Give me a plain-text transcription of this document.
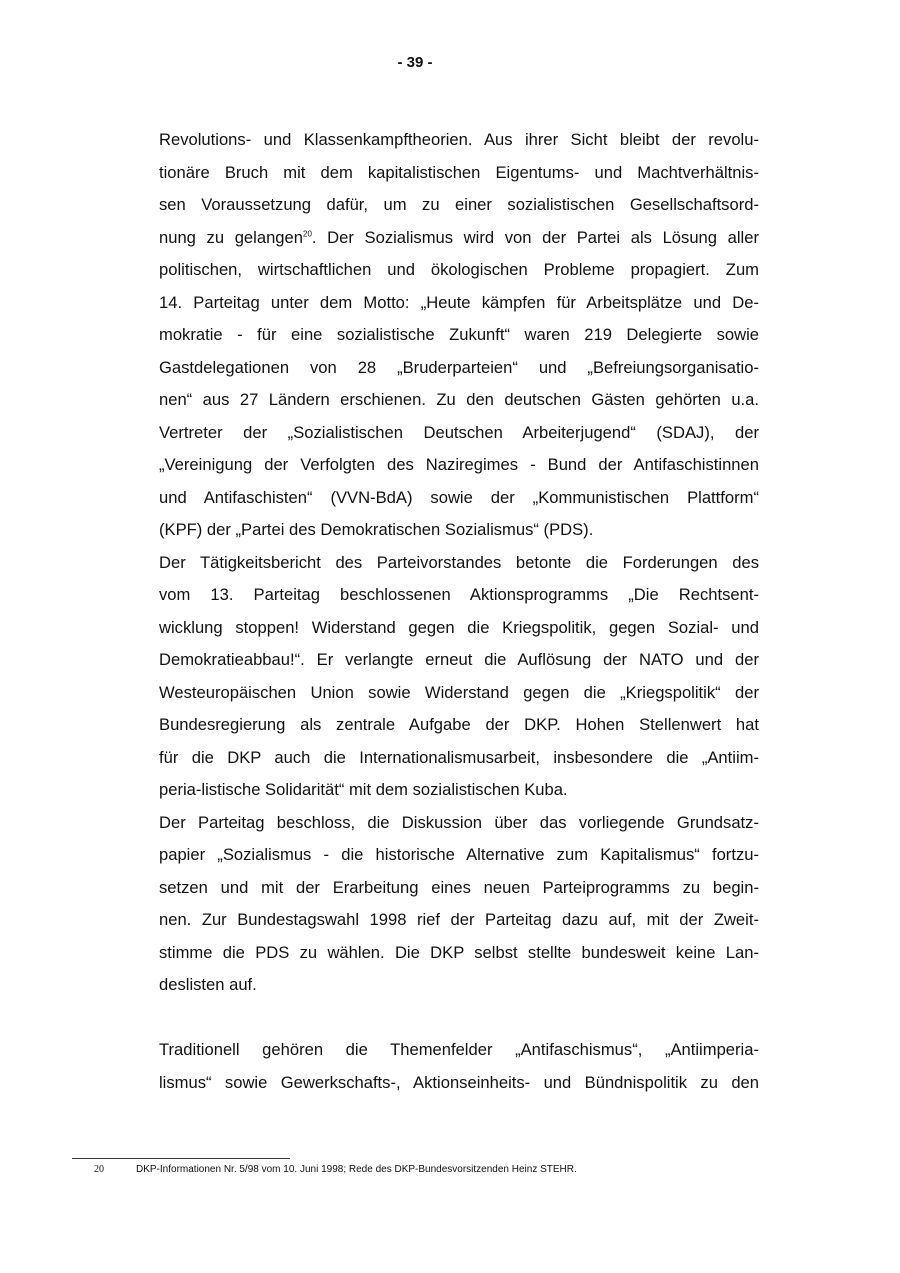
- 39 -
Revolutions- und Klassenkampftheorien. Aus ihrer Sicht bleibt der revolu-
tionäre Bruch mit dem kapitalistischen Eigentums- und Machtverhältnis-
sen Voraussetzung dafür, um zu einer sozialistischen Gesellschaftsord-
nung zu gelangen$^{20}$. Der Sozialismus wird von der Partei als Lösung aller
politischen, wirtschaftlichen und ökologischen Probleme propagiert. Zum
14. Parteitag unter dem Motto: „Heute kämpfen für Arbeitsplätze und De-
mokratie - für eine sozialistische Zukunft“ waren 219 Delegierte sowie
Gastdelegationen von 28 „Bruderparteien“ und „Befreiungsorganisatio-
nen“ aus 27 Ländern erschienen. Zu den deutschen Gästen gehörten u.a.
Vertreter der „Sozialistischen Deutschen Arbeiterjugend“ (SDAJ), der
„Vereinigung der Verfolgten des Naziregimes - Bund der Antifaschistinnen
und Antifaschisten“ (VVN-BdA) sowie der „Kommunistischen Plattform“
(KPF) der „Partei des Demokratischen Sozialismus“ (PDS).
Der Tätigkeitsbericht des Parteivorstandes betonte die Forderungen des
vom 13. Parteitag beschlossenen Aktionsprogramms „Die Rechtsent-
wicklung stoppen! Widerstand gegen die Kriegspolitik, gegen Sozial- und
Demokratieabbau!“. Er verlangte erneut die Auflösung der NATO und der
Westeuropäischen Union sowie Widerstand gegen die „Kriegspolitik“ der
Bundesregierung als zentrale Aufgabe der DKP. Hohen Stellenwert hat
für die DKP auch die Internationalismusarbeit, insbesondere die „Antiim-
peria-listische Solidarität“ mit dem sozialistischen Kuba.
Der Parteitag beschloss, die Diskussion über das vorliegende Grundsatz-
papier „Sozialismus - die historische Alternative zum Kapitalismus“ fortzu-
setzen und mit der Erarbeitung eines neuen Parteiprogramms zu begin-
nen. Zur Bundestagswahl 1998 rief der Parteitag dazu auf, mit der Zweit-
stimme die PDS zu wählen. Die DKP selbst stellte bundesweit keine Lan-
deslisten auf.
Traditionell gehören die Themenfelder „Antifaschismus“, „Antiimperia-
lismus“ sowie Gewerkschafts-, Aktionseinheits- und Bündnispolitik zu den
20	DKP-Informationen Nr. 5/98 vom 10. Juni 1998; Rede des DKP-Bundesvorsitzenden Heinz STEHR.
